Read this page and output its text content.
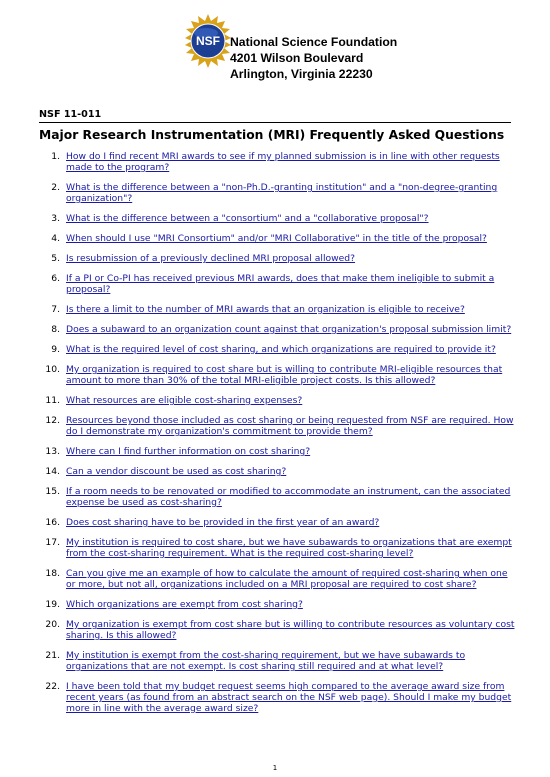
NSF National Science Foundation
4201 Wilson Boulevard
Arlington, Virginia 22230
NSF 11-011
Major Research Instrumentation (MRI) Frequently Asked Questions
1. How do I find recent MRI awards to see if my planned submission is in line with other requests made to the program?
2. What is the difference between a "non-Ph.D.-granting institution" and a "non-degree-granting organization"?
3. What is the difference between a "consortium" and a "collaborative proposal"?
4. When should I use "MRI Consortium" and/or "MRI Collaborative" in the title of the proposal?
5. Is resubmission of a previously declined MRI proposal allowed?
6. If a PI or Co-PI has received previous MRI awards, does that make them ineligible to submit a proposal?
7. Is there a limit to the number of MRI awards that an organization is eligible to receive?
8. Does a subaward to an organization count against that organization's proposal submission limit?
9. What is the required level of cost sharing, and which organizations are required to provide it?
10. My organization is required to cost share but is willing to contribute MRI-eligible resources that amount to more than 30% of the total MRI-eligible project costs. Is this allowed?
11. What resources are eligible cost-sharing expenses?
12. Resources beyond those included as cost sharing or being requested from NSF are required. How do I demonstrate my organization's commitment to provide them?
13. Where can I find further information on cost sharing?
14. Can a vendor discount be used as cost sharing?
15. If a room needs to be renovated or modified to accommodate an instrument, can the associated expense be used as cost-sharing?
16. Does cost sharing have to be provided in the first year of an award?
17. My institution is required to cost share, but we have subawards to organizations that are exempt from the cost-sharing requirement. What is the required cost-sharing level?
18. Can you give me an example of how to calculate the amount of required cost-sharing when one or more, but not all, organizations included on a MRI proposal are required to cost share?
19. Which organizations are exempt from cost sharing?
20. My organization is exempt from cost share but is willing to contribute resources as voluntary cost sharing. Is this allowed?
21. My institution is exempt from the cost-sharing requirement, but we have subawards to organizations that are not exempt. Is cost sharing still required and at what level?
22. I have been told that my budget request seems high compared to the average award size from recent years (as found from an abstract search on the NSF web page). Should I make my budget more in line with the average award size?
1
